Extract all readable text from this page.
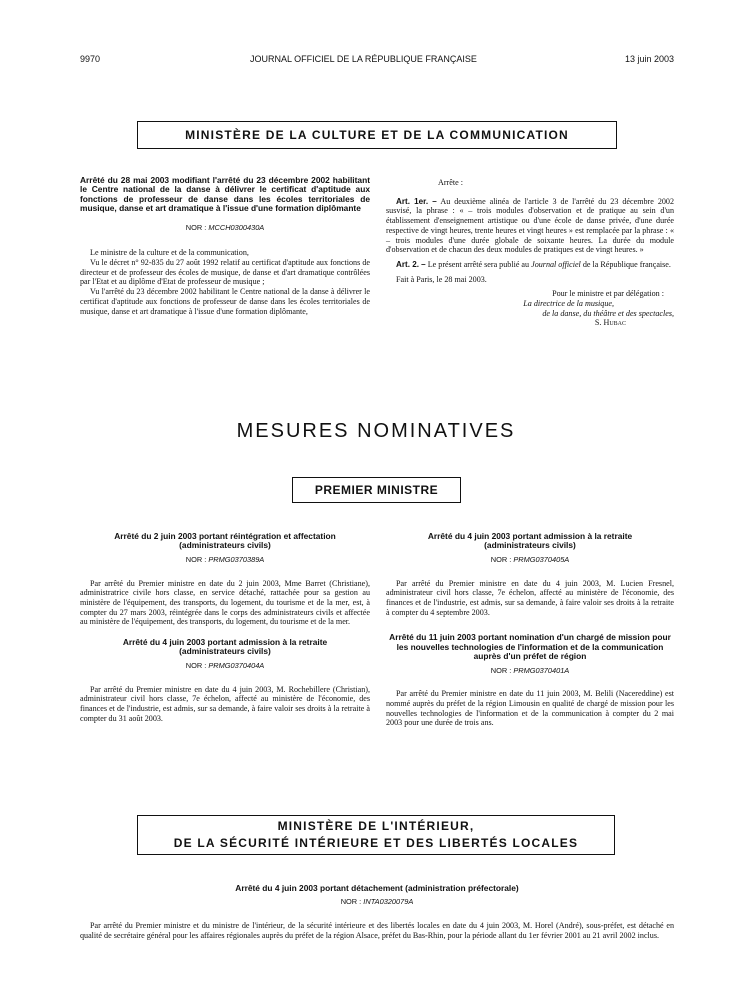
9970	JOURNAL OFFICIEL DE LA RÉPUBLIQUE FRANÇAISE	13 juin 2003
MINISTÈRE DE LA CULTURE ET DE LA COMMUNICATION
Arrêté du 28 mai 2003 modifiant l'arrêté du 23 décembre 2002 habilitant le Centre national de la danse à délivrer le certificat d'aptitude aux fonctions de professeur de danse dans les écoles territoriales de musique, danse et art dramatique à l'issue d'une formation diplômante
NOR : MCCH0300430A

Le ministre de la culture et de la communication,

Vu le décret n° 92-835 du 27 août 1992 relatif au certificat d'aptitude aux fonctions de directeur et de professeur des écoles de musique, de danse et d'art dramatique contrôlées par l'Etat et au diplôme d'Etat de professeur de musique ;

Vu l'arrêté du 23 décembre 2002 habilitant le Centre national de la danse à délivrer le certificat d'aptitude aux fonctions de professeur de danse dans les écoles territoriales de musique, danse et art dramatique à l'issue d'une formation diplômante,

Arrête :

Art. 1er. – Au deuxième alinéa de l'article 3 de l'arrêté du 23 décembre 2002 susvisé, la phrase : « – trois modules d'observation et de pratique au sein d'un établissement d'enseignement artistique ou d'une école de danse privée, d'une durée respective de vingt heures, trente heures et vingt heures » est remplacée par la phrase : « – trois modules d'une durée globale de soixante heures. La durée du module d'observation et de chacun des deux modules de pratiques est de vingt heures. »

Art. 2. – Le présent arrêté sera publié au Journal officiel de la République française.

Fait à Paris, le 28 mai 2003.

Pour le ministre et par délégation :
La directrice de la musique,
de la danse, du théâtre et des spectacles,
S. Hubac
MESURES NOMINATIVES
PREMIER MINISTRE
Arrêté du 2 juin 2003 portant réintégration et affectation (administrateurs civils)
NOR : PRMG0370389A

Par arrêté du Premier ministre en date du 2 juin 2003, Mme Barret (Christiane), administratrice civile hors classe, en service détaché, rattachée pour sa gestion au ministère de l'équipement, des transports, du logement, du tourisme et de la mer, est, à compter du 27 mars 2003, réintégrée dans le corps des administrateurs civils et affectée au ministère de l'équipement, des transports, du logement, du tourisme et de la mer.

Arrêté du 4 juin 2003 portant admission à la retraite (administrateurs civils)
NOR : PRMG0370404A

Par arrêté du Premier ministre en date du 4 juin 2003, M. Rochebillere (Christian), administrateur civil hors classe, 7e échelon, affecté au ministère de l'économie, des finances et de l'industrie, est admis, sur sa demande, à faire valoir ses droits à la retraite à compter du 31 août 2003.

Arrêté du 4 juin 2003 portant admission à la retraite (administrateurs civils)
NOR : PRMG0370405A

Par arrêté du Premier ministre en date du 4 juin 2003, M. Lucien Fresnel, administrateur civil hors classe, 7e échelon, affecté au ministère de l'économie, des finances et de l'industrie, est admis, sur sa demande, à faire valoir ses droits à la retraite à compter du 4 septembre 2003.

Arrêté du 11 juin 2003 portant nomination d'un chargé de mission pour les nouvelles technologies de l'information et de la communication auprès d'un préfet de région
NOR : PRMG0370401A

Par arrêté du Premier ministre en date du 11 juin 2003, M. Belili (Nacereddine) est nommé auprès du préfet de la région Limousin en qualité de chargé de mission pour les nouvelles technologies de l'information et de la communication à compter du 2 mai 2003 pour une durée de trois ans.

MINISTÈRE DE L'INTÉRIEUR,
DE LA SÉCURITÉ INTÉRIEURE ET DES LIBERTÉS LOCALES
Arrêté du 4 juin 2003 portant détachement (administration préfectorale)
NOR : INTA0320079A

Par arrêté du Premier ministre et du ministre de l'intérieur, de la sécurité intérieure et des libertés locales en date du 4 juin 2003, M. Horel (André), sous-préfet, est détaché en qualité de secrétaire général pour les affaires régionales auprès du préfet de la région Alsace, préfet du Bas-Rhin, pour la période allant du 1er février 2001 au 21 avril 2002 inclus.
